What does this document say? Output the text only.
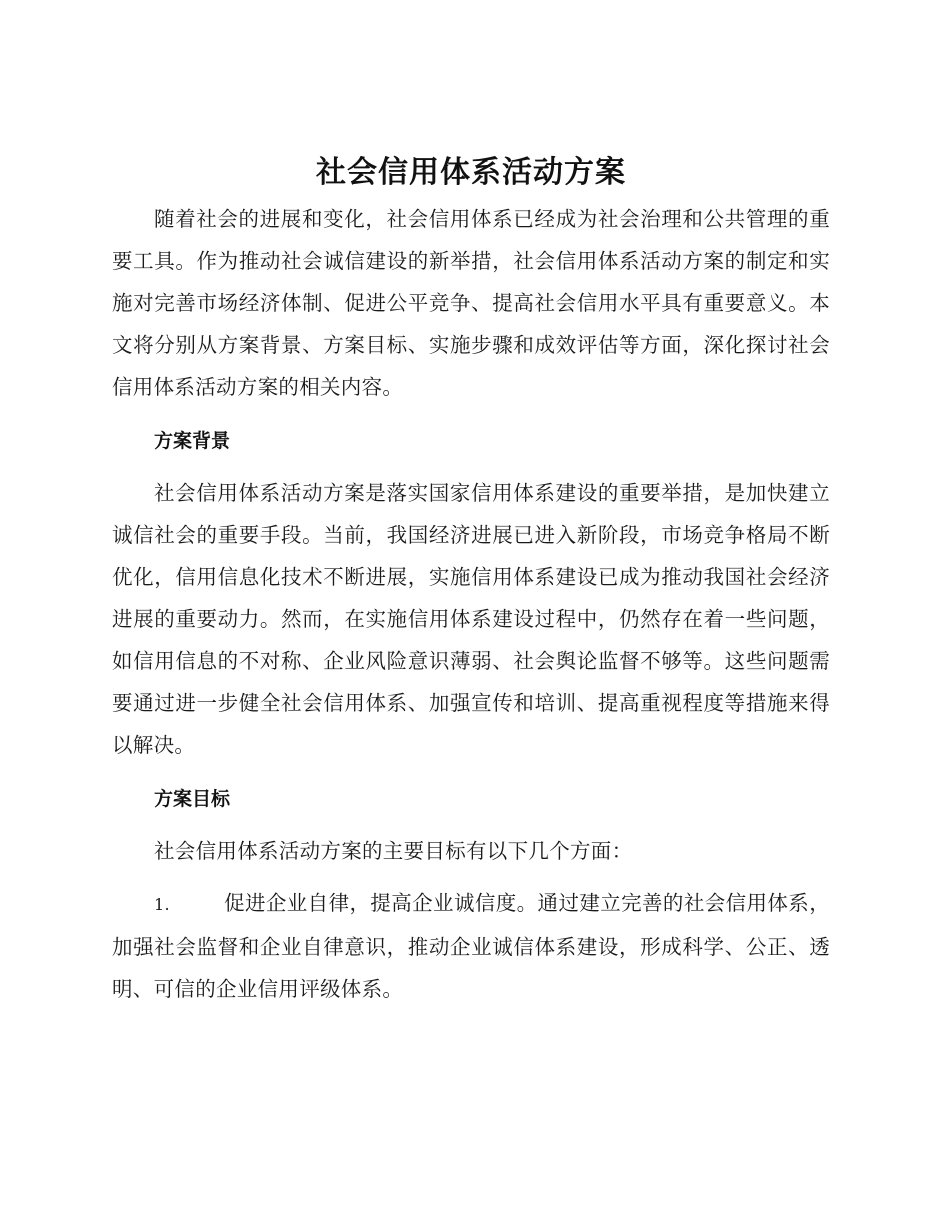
社会信用体系活动方案

随着社会的进展和变化，社会信用体系已经成为社会治理和公共管理的重要工具。作为推动社会诚信建设的新举措，社会信用体系活动方案的制定和实施对完善市场经济体制、促进公平竞争、提高社会信用水平具有重要意义。本文将分别从方案背景、方案目标、实施步骤和成效评估等方面，深化探讨社会信用体系活动方案的相关内容。

方案背景

社会信用体系活动方案是落实国家信用体系建设的重要举措，是加快建立诚信社会的重要手段。当前，我国经济进展已进入新阶段，市场竞争格局不断优化，信用信息化技术不断进展，实施信用体系建设已成为推动我国社会经济进展的重要动力。然而，在实施信用体系建设过程中，仍然存在着一些问题，如信用信息的不对称、企业风险意识薄弱、社会舆论监督不够等。这些问题需要通过进一步健全社会信用体系、加强宣传和培训、提高重视程度等措施来得以解决。

方案目标

社会信用体系活动方案的主要目标有以下几个方面：

1.	促进企业自律，提高企业诚信度。通过建立完善的社会信用体系，加强社会监督和企业自律意识，推动企业诚信体系建设，形成科学、公正、透明、可信的企业信用评级体系。
